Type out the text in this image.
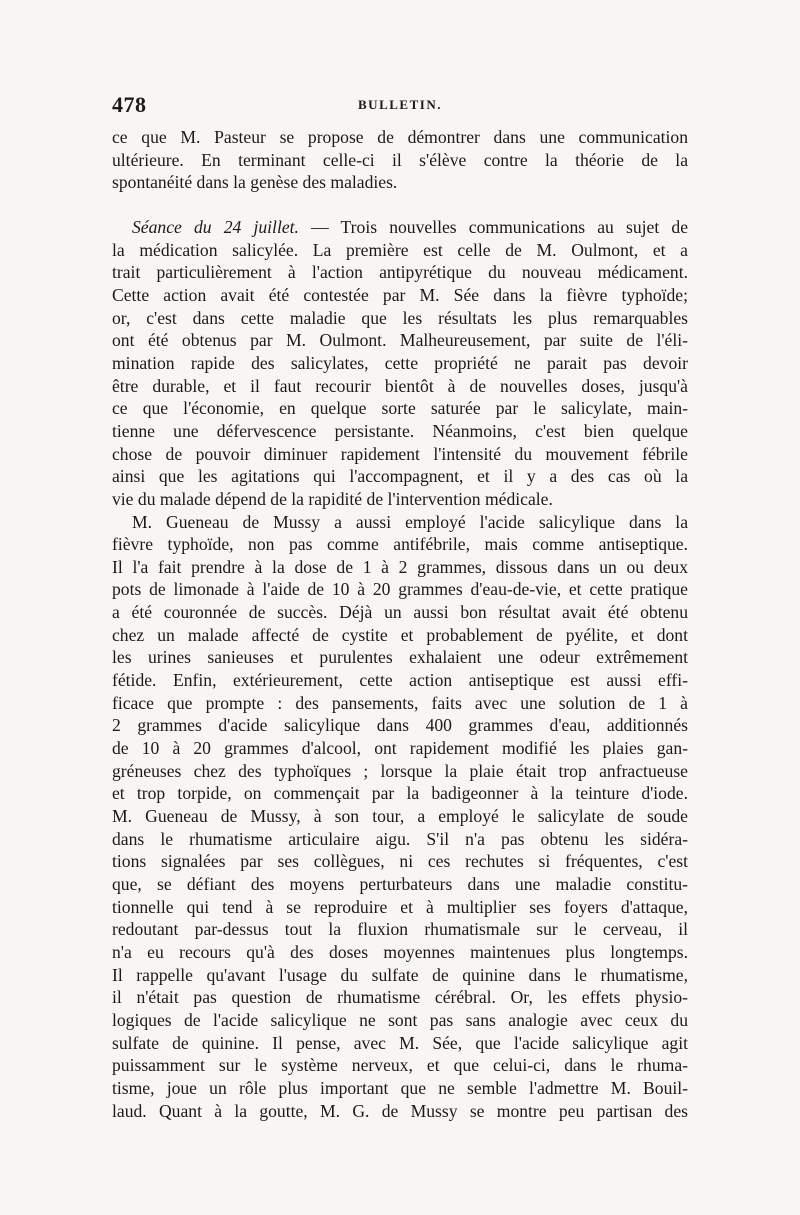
478	BULLETIN.
ce que M. Pasteur se propose de démontrer dans une communication
ultérieure. En terminant celle-ci il s'élève contre la théorie de la
spontanéité dans la genèse des maladies.
Séance du 24 juillet. — Trois nouvelles communications au sujet de
la médication salicylée. La première est celle de M. Oulmont, et a
trait particulièrement à l'action antipyrétique du nouveau médicament.
Cette action avait été contestée par M. Sée dans la fièvre typhoïde;
or, c'est dans cette maladie que les résultats les plus remarquables
ont été obtenus par M. Oulmont. Malheureusement, par suite de l'éli-
mination rapide des salicylates, cette propriété ne parait pas devoir
être durable, et il faut recourir bientôt à de nouvelles doses, jusqu'à
ce que l'économie, en quelque sorte saturée par le salicylate, main-
tienne une défervescence persistante. Néanmoins, c'est bien quelque
chose de pouvoir diminuer rapidement l'intensité du mouvement fébrile
ainsi que les agitations qui l'accompagnent, et il y a des cas où la
vie du malade dépend de la rapidité de l'intervention médicale.
M. Gueneau de Mussy a aussi employé l'acide salicylique dans la
fièvre typhoïde, non pas comme antifébrile, mais comme antiseptique.
Il l'a fait prendre à la dose de 1 à 2 grammes, dissous dans un ou deux
pots de limonade à l'aide de 10 à 20 grammes d'eau-de-vie, et cette pratique
a été couronnée de succès. Déjà un aussi bon résultat avait été obtenu
chez un malade affecté de cystite et probablement de pyélite, et dont
les urines sanieuses et purulentes exhalaient une odeur extrêmement
fétide. Enfin, extérieurement, cette action antiseptique est aussi effi-
ficace que prompte : des pansements, faits avec une solution de 1 à
2 grammes d'acide salicylique dans 400 grammes d'eau, additionnés
de 10 à 20 grammes d'alcool, ont rapidement modifié les plaies gan-
gréneuses chez des typhoïques ; lorsque la plaie était trop anfractueuse
et trop torpide, on commençait par la badigeonner à la teinture d'iode.
M. Gueneau de Mussy, à son tour, a employé le salicylate de soude
dans le rhumatisme articulaire aigu. S'il n'a pas obtenu les sidéra-
tions signalées par ses collègues, ni ces rechutes si fréquentes, c'est
que, se défiant des moyens perturbateurs dans une maladie constitu-
tionnelle qui tend à se reproduire et à multiplier ses foyers d'attaque,
redoutant par-dessus tout la fluxion rhumatismale sur le cerveau, il
n'a eu recours qu'à des doses moyennes maintenues plus longtemps.
Il rappelle qu'avant l'usage du sulfate de quinine dans le rhumatisme,
il n'était pas question de rhumatisme cérébral. Or, les effets physio-
logiques de l'acide salicylique ne sont pas sans analogie avec ceux du
sulfate de quinine. Il pense, avec M. Sée, que l'acide salicylique agit
puissamment sur le système nerveux, et que celui-ci, dans le rhuma-
tisme, joue un rôle plus important que ne semble l'admettre M. Bouil-
laud. Quant à la goutte, M. G. de Mussy se montre peu partisan des
